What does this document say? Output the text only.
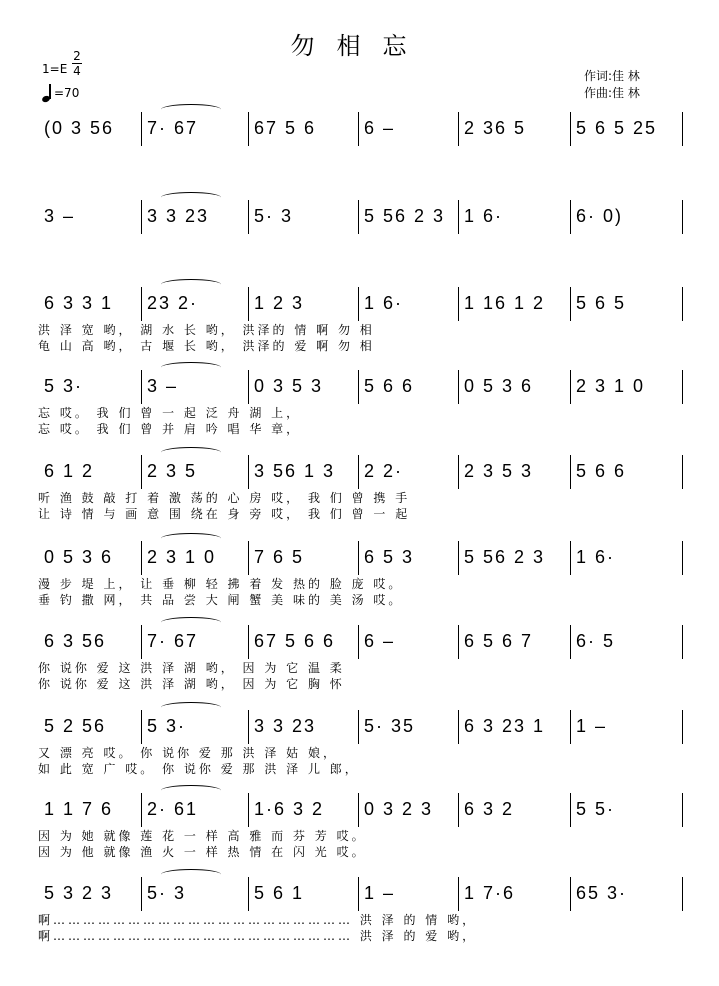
勿相忘
1=E
2
4
=70
作词:佳 林
作曲:佳 林
(0 3 56 7· 67	67 5 6	6 –	2 36 5	5 6 5 25
3 –	3 3 23 5· 3	5 56 2 3 1 6·	6· 0)
6 3 3 1 23 2·	1 2 3	1 6·	1 16 1 2 5 6 5
洪 泽 宽 哟， 湖 水 长 哟， 洪泽的 情 啊 勿 相
龟 山 高 哟， 古 堰 长 哟， 洪泽的 爱 啊 勿 相
5 3·	3 –	0 3 5 3 5 6 6	0 5 3 6 2 3 1 0
忘 哎。 我 们 曾 一 起 泛 舟 湖 上，
忘 哎。 我 们 曾 并 肩 吟 唱 华 章，
6 1 2	2 3 5	3 56 1 3 2 2·	2 3 5 3 5 6 6
听 渔 鼓 敲 打 着 激 荡的 心 房 哎， 我 们 曾 携 手
让 诗 情 与 画 意 围 绕在 身 旁 哎， 我 们 曾 一 起
0 5 3 6 2 3 1 0 7 6 5	6 5 3	5 56 2 3 1 6·
漫 步 堤 上， 让 垂 柳 轻 拂 着 发 热的 脸 庞 哎。
垂 钓 撒 网， 共 品 尝 大 闸 蟹 美 味的 美 汤 哎。
6 3 56 7· 67	67 5 6 6 6 –	6 5 6 7 6· 5
你 说你 爱 这 洪 泽 湖 哟， 因 为 它 温 柔
你 说你 爱 这 洪 泽 湖 哟， 因 为 它 胸 怀
5 2 56 5 3·	3 3 23	5· 35	6 3 23 1 1 –
又 漂 亮 哎。 你 说你 爱 那 洪 泽 姑 娘，
如 此 宽 广 哎。 你 说你 爱 那 洪 泽 儿 郎，
1 1 7 6 2· 61	1·6 3 2 0 3 2 3 6 3 2	5 5·
因 为 她 就像 莲 花 一 样 高 雅 而 芬 芳 哎。
因 为 他 就像 渔 火 一 样 热 情 在 闪 光 哎。
5 3 2 3 5· 3	5 6 1	1 –	1 7·6	65 3·
啊…………………………………………………… 洪 泽 的 情 哟，
啊…………………………………………………… 洪 泽 的 爱 哟，
